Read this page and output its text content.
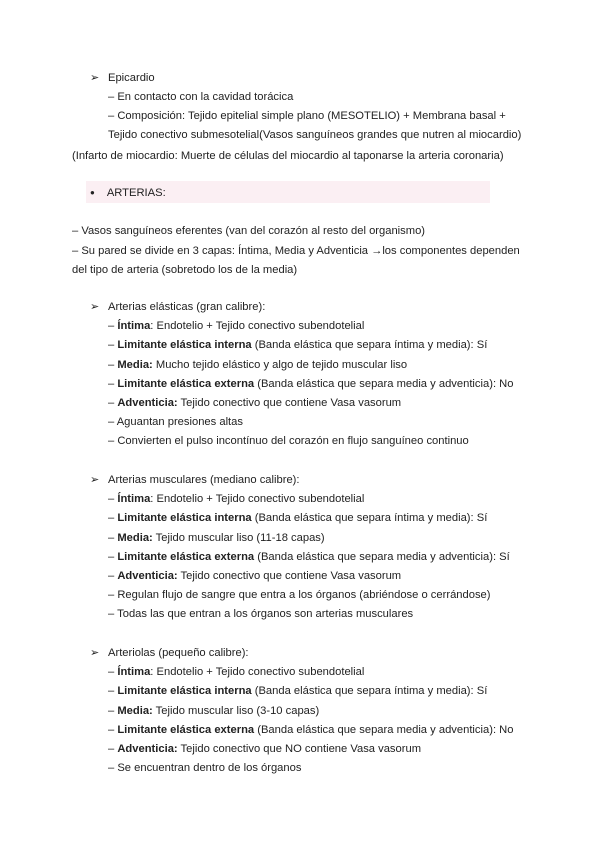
➢ Epicardio
– En contacto con la cavidad torácica
– Composición: Tejido epitelial simple plano (MESOTELIO) + Membrana basal +
Tejido conectivo submesotelial(Vasos sanguíneos grandes que nutren al miocardio)
(Infarto de miocardio: Muerte de células del miocardio al taponarse la arteria coronaria)
● ARTERIAS:
– Vasos sanguíneos eferentes (van del corazón al resto del organismo)
– Su pared se divide en 3 capas: Íntima, Media y Adventicia →los componentes dependen
del tipo de arteria (sobretodo los de la media)
➢ Arterias elásticas (gran calibre):
– Íntima: Endotelio + Tejido conectivo subendotelial
– Limitante elástica interna (Banda elástica que separa íntima y media): Sí
– Media: Mucho tejido elástico y algo de tejido muscular liso
– Limitante elástica externa (Banda elástica que separa media y adventicia): No
– Adventicia: Tejido conectivo que contiene Vasa vasorum
– Aguantan presiones altas
– Convierten el pulso incontínuo del corazón en flujo sanguíneo continuo
➢ Arterias musculares (mediano calibre):
– Íntima: Endotelio + Tejido conectivo subendotelial
– Limitante elástica interna (Banda elástica que separa íntima y media): Sí
– Media: Tejido muscular liso (11-18 capas)
– Limitante elástica externa (Banda elástica que separa media y adventicia): Sí
– Adventicia: Tejido conectivo que contiene Vasa vasorum
– Regulan flujo de sangre que entra a los órganos (abriéndose o cerrándose)
– Todas las que entran a los órganos son arterias musculares
➢ Arteriolas (pequeño calibre):
– Íntima: Endotelio + Tejido conectivo subendotelial
– Limitante elástica interna (Banda elástica que separa íntima y media): Sí
– Media: Tejido muscular liso (3-10 capas)
– Limitante elástica externa (Banda elástica que separa media y adventicia): No
– Adventicia: Tejido conectivo que NO contiene Vasa vasorum
– Se encuentran dentro de los órganos
